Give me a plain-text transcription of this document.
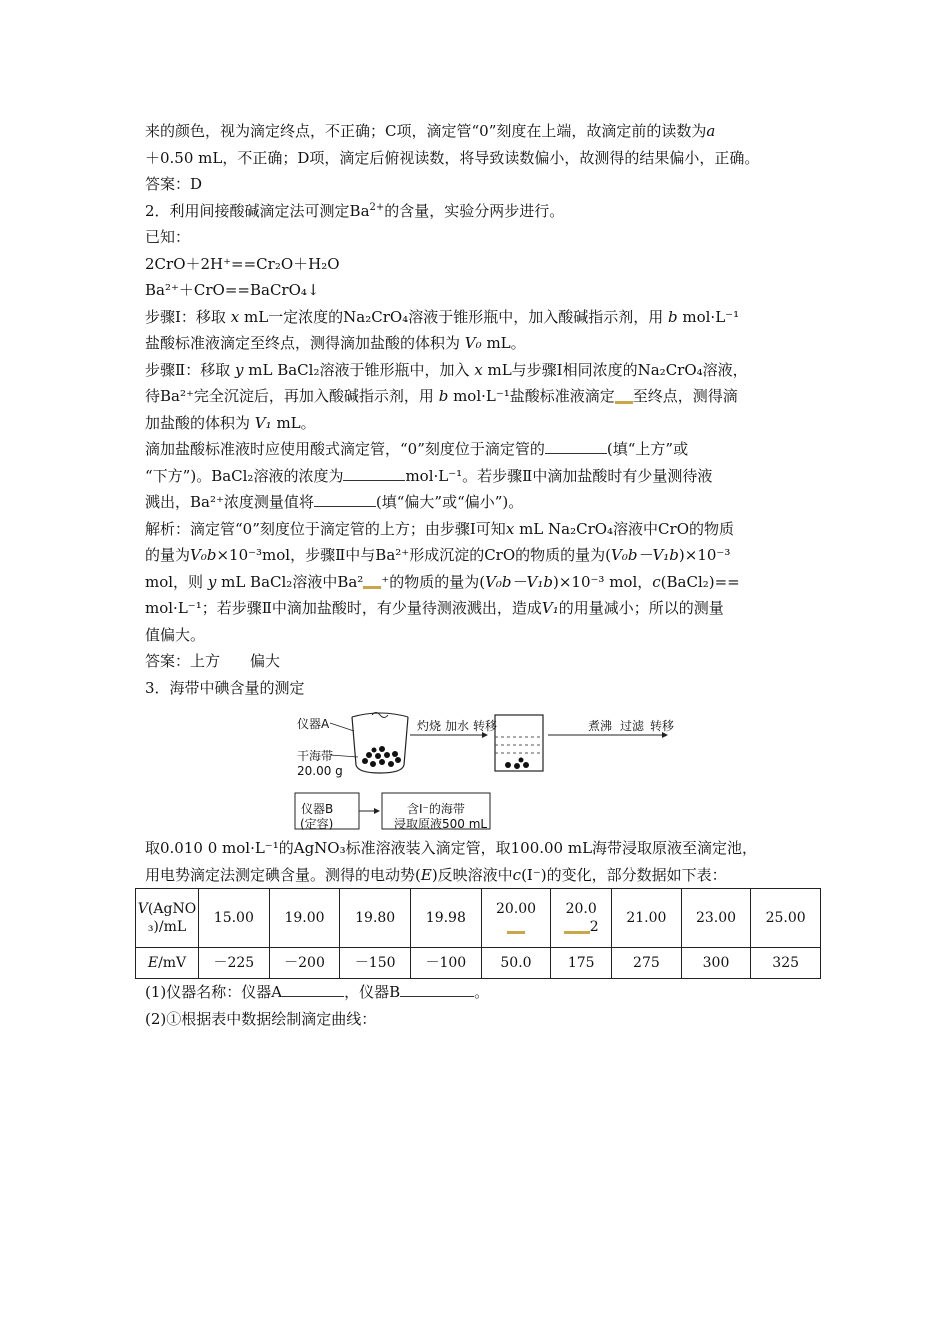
来的颜色，视为滴定终点，不正确；C项，滴定管“0”刻度在上端，故滴定前的读数为a

＋0.50 mL，不正确；D项，滴定后俯视读数，将导致读数偏小，故测得的结果偏小，正确。

答案：D

2．利用间接酸碱滴定法可测定$Ba^{2+}$的含量，实验分两步进行。

已知：

2CrO＋2H⁺==Cr₂O＋H₂O

Ba²⁺＋CrO==BaCrO₄↓

步骤Ⅰ：移取 x mL一定浓度的Na₂CrO₄溶液于锥形瓶中，加入酸碱指示剂，用 b mol·L⁻¹

盐酸标准液滴定至终点，测得滴加盐酸的体积为 V₀ mL。

步骤Ⅱ：移取 y mL BaCl₂溶液于锥形瓶中，加入 x mL与步骤Ⅰ相同浓度的Na₂CrO₄溶液，

待Ba²⁺完全沉淀后，再加入酸碱指示剂，用 b mol·L⁻¹盐酸标准液滴定 至终点，测得滴

加盐酸的体积为 V₁ mL。

滴加盐酸标准液时应使用酸式滴定管，“0”刻度位于滴定管的	(填“上方”或

“下方”)。BaCl₂溶液的浓度为	mol·L⁻¹。若步骤Ⅱ中滴加盐酸时有少量测待液

溅出，Ba²⁺浓度测量值将	(填“偏大”或“偏小”)。

解析：滴定管“0”刻度位于滴定管的上方；由步骤Ⅰ可知x mL Na₂CrO₄溶液中CrO的物质

的量为V₀b×10⁻³mol，步骤Ⅱ中与Ba²⁺形成沉淀的CrO的物质的量为(V₀b－V₁b)×10⁻³

mol，则 y mL BaCl₂溶液中Ba² ⁺的物质的量为(V₀b－V₁b)×10⁻³ mol，c(BaCl₂)==

mol·L⁻¹；若步骤Ⅱ中滴加盐酸时，有少量待测液溅出，造成V₁的用量减小；所以的测量

值偏大。

答案：上方　　偏大

3．海带中碘含量的测定

仪器A
干海带
20.00 g
灼烧 加水 转移	煮沸 过滤 转移
仪器B
(定容)
含I⁻的海带
浸取原液500 mL

取0.010 0 mol·L⁻¹的AgNO₃标准溶液装入滴定管，取100.00 mL海带浸取原液至滴定池，

用电势滴定法测定碘含量。测得的电动势(E)反映溶液中c(I⁻)的变化，部分数据如下表：

V(AgNO
₃)/mL	15.00	19.00	19.80	19.98	20.00	20.0
2	21.00	23.00	25.00
E/mV	－225	－200	－150	－100	50.0	175	275	300	325

(1)仪器名称：仪器A	，仪器B	。

(2)①根据表中数据绘制滴定曲线：
